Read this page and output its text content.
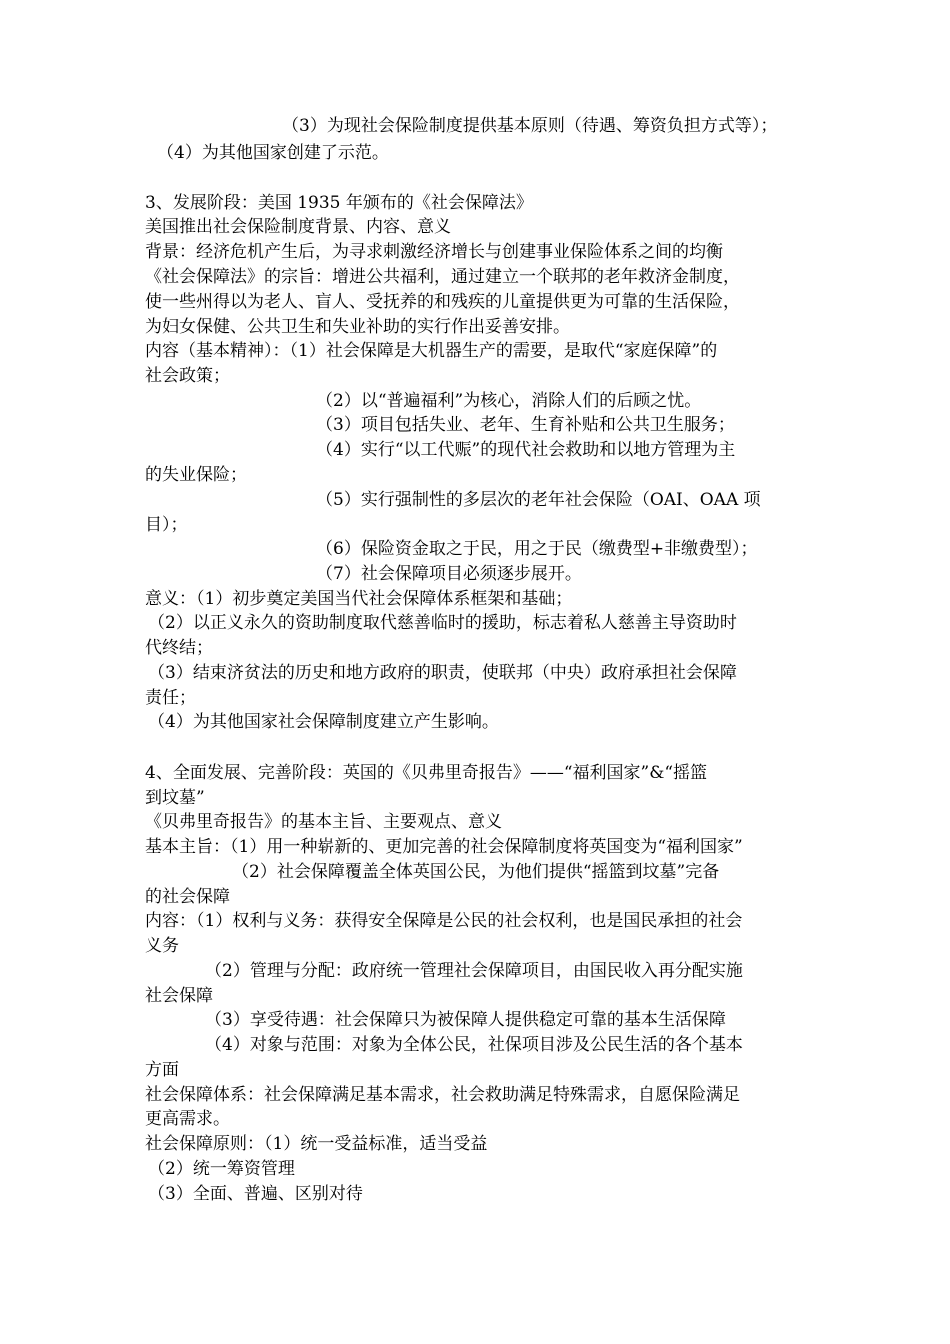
（3）为现社会保险制度提供基本原则（待遇、筹资负担方式等）；
（4）为其他国家创建了示范。
3、发展阶段：美国 1935 年颁布的《社会保障法》
美国推出社会保险制度背景、内容、意义
背景：经济危机产生后，为寻求刺激经济增长与创建事业保险体系之间的均衡
《社会保障法》的宗旨：增进公共福利，通过建立一个联邦的老年救济金制度，
使一些州得以为老人、盲人、受抚养的和残疾的儿童提供更为可靠的生活保险，
为妇女保健、公共卫生和失业补助的实行作出妥善安排。
内容（基本精神）：（1）社会保障是大机器生产的需要，是取代“家庭保障”的
社会政策；
（2）以“普遍福利”为核心，消除人们的后顾之忧。
（3）项目包括失业、老年、生育补贴和公共卫生服务；
（4）实行“以工代赈”的现代社会救助和以地方管理为主
的失业保险；
（5）实行强制性的多层次的老年社会保险（OAI、OAA 项
目）；
（6）保险资金取之于民，用之于民（缴费型+非缴费型）；
（7）社会保障项目必须逐步展开。
意义：（1）初步奠定美国当代社会保障体系框架和基础；
（2）以正义永久的资助制度取代慈善临时的援助，标志着私人慈善主导资助时
代终结；
（3）结束济贫法的历史和地方政府的职责，使联邦（中央）政府承担社会保障
责任；
（4）为其他国家社会保障制度建立产生影响。
4、全面发展、完善阶段：英国的《贝弗里奇报告》——“福利国家”&“摇篮
到坟墓”
《贝弗里奇报告》的基本主旨、主要观点、意义
基本主旨：（1）用一种崭新的、更加完善的社会保障制度将英国变为“福利国家”
（2）社会保障覆盖全体英国公民，为他们提供“摇篮到坟墓”完备
的社会保障
内容：（1）权利与义务：获得安全保障是公民的社会权利，也是国民承担的社会
义务
（2）管理与分配：政府统一管理社会保障项目，由国民收入再分配实施
社会保障
（3）享受待遇：社会保障只为被保障人提供稳定可靠的基本生活保障
（4）对象与范围：对象为全体公民，社保项目涉及公民生活的各个基本
方面
社会保障体系：社会保障满足基本需求，社会救助满足特殊需求，自愿保险满足
更高需求。
社会保障原则：（1）统一受益标准，适当受益
（2）统一筹资管理
（3）全面、普遍、区别对待
